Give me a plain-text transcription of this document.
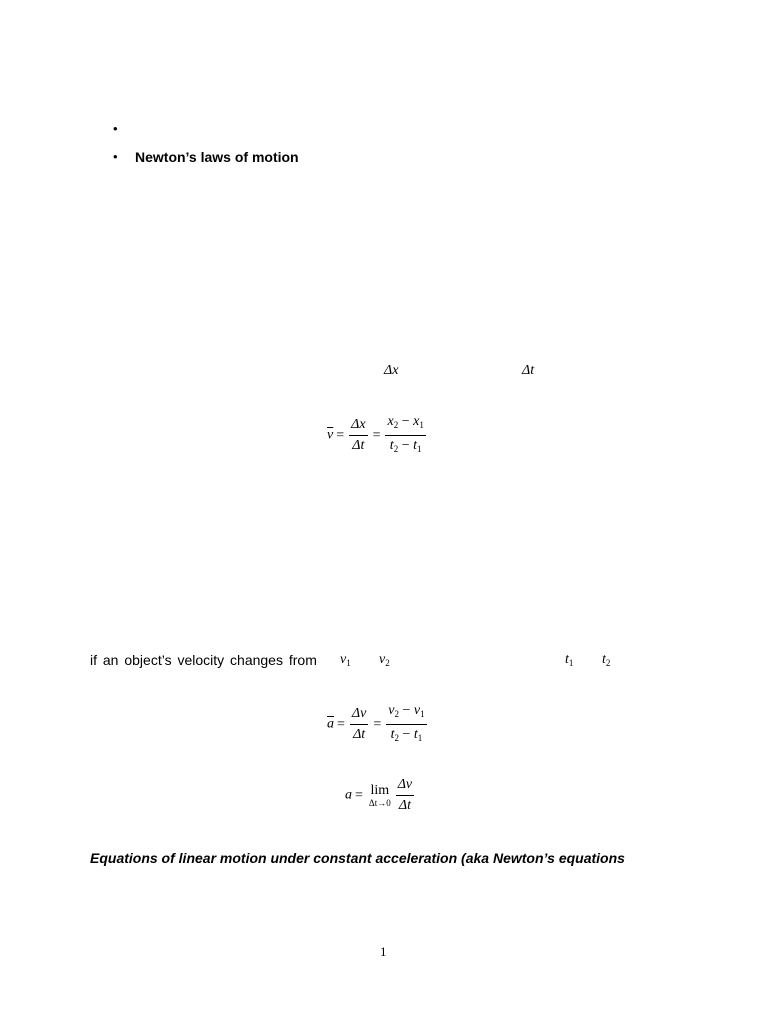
•
• Newton’s laws of motion
Δx	Δt
$\overline{v} = \frac{\Delta x}{\Delta t} = \frac{x_2 - x_1}{t_2 - t_1}$
if an object’s velocity changes from $v_1$ $v_2$	$t_1$ $t_2$
$\overline{a} = \frac{\Delta v}{\Delta t} = \frac{v_2 - v_1}{t_2 - t_1}$
a = lim
$\Delta t\to 0 \frac{\Delta v}{\Delta t}$
Equations of linear motion under constant acceleration (aka Newton’s equations
1
